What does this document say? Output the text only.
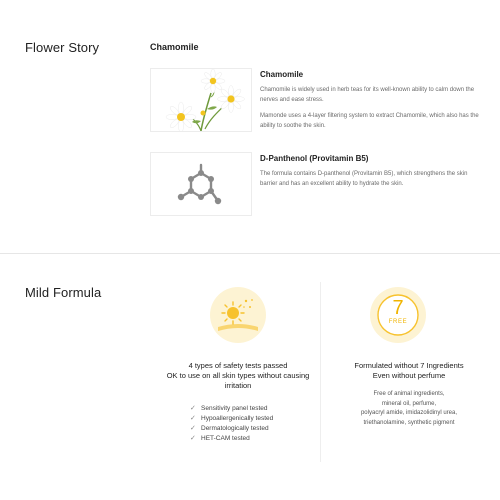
Flower Story	Chamomile
Chamomile
Chamomile is widely used in herb teas for its well-known ability to calm down the nerves and ease stress.
Mamonde uses a 4-layer filtering system to extract Chamomile, which also has the ability to soothe the skin.
D-Panthenol (Provitamin B5)
The formula contains D-panthenol (Provitamin B5), which strengthens the skin barrier and has an excellent ability to hydrate the skin.
Mild Formula
4 types of safety tests passed
OK to use on all skin types without causing
irritation
✓ Sensitivity panel tested
✓ Hypoallergenically tested
✓ Dermatologically tested
✓ HET-CAM tested
7
FREE
Formulated without 7 Ingredients
Even without perfume
Free of animal ingredients,
mineral oil, perfume,
polyacryl amide, imidazolidinyl urea,
triethanolamine, synthetic pigment
